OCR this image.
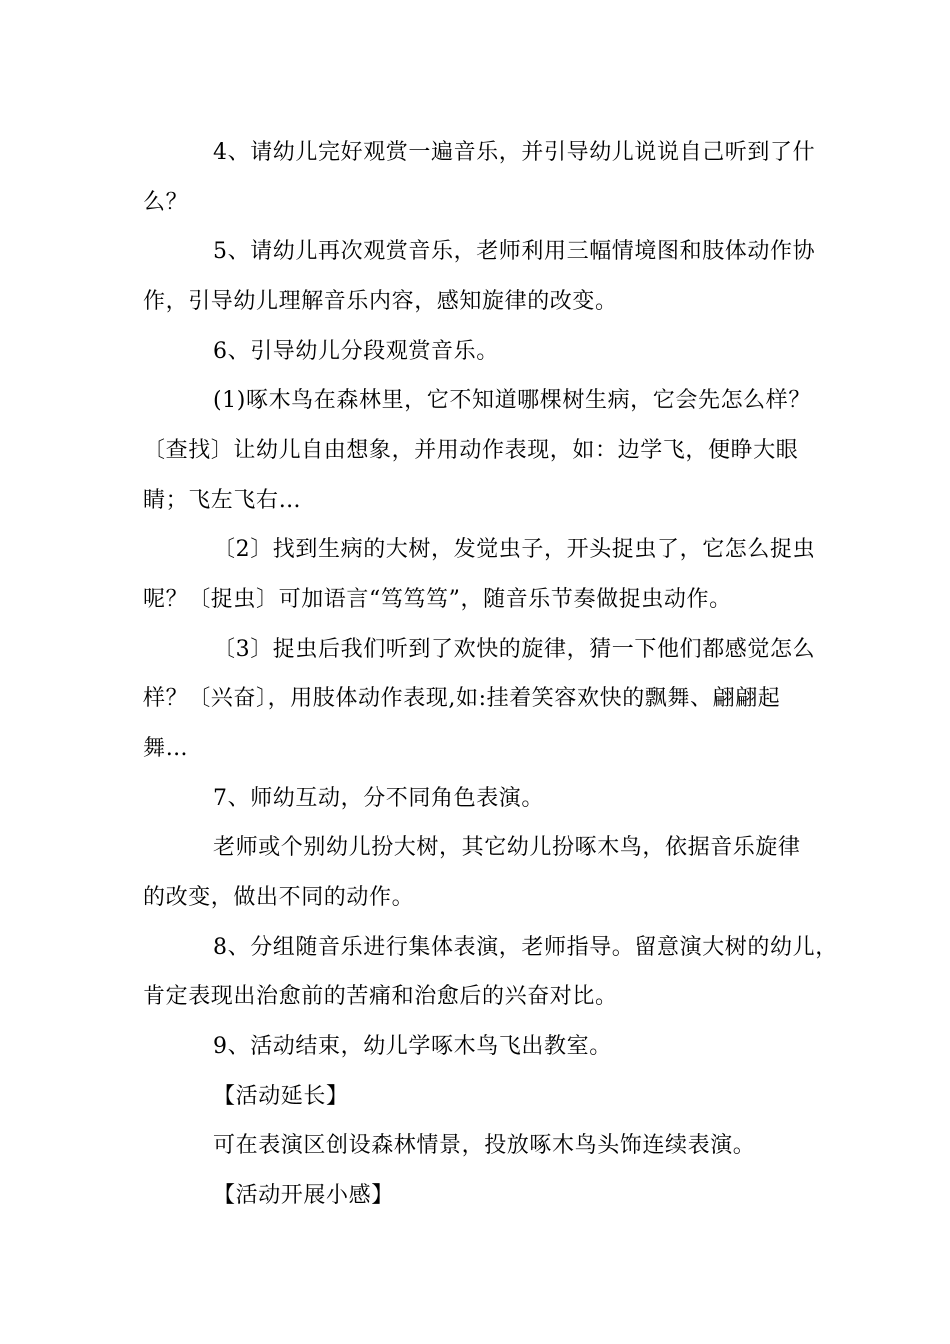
4、请幼儿完好观赏一遍音乐，并引导幼儿说说自己听到了什
么？
5、请幼儿再次观赏音乐，老师利用三幅情境图和肢体动作协
作，引导幼儿理解音乐内容，感知旋律的改变。
6、引导幼儿分段观赏音乐。
(1)啄木鸟在森林里，它不知道哪棵树生病，它会先怎么样？
〔查找〕让幼儿自由想象，并用动作表现，如：边学飞，便睁大眼
睛；飞左飞右…
〔2〕找到生病的大树，发觉虫子，开头捉虫了，它怎么捉虫
呢？〔捉虫〕可加语言“笃笃笃”，随音乐节奏做捉虫动作。
〔3〕捉虫后我们听到了欢快的旋律，猜一下他们都感觉怎么
样？〔兴奋〕，用肢体动作表现,如:挂着笑容欢快的飘舞、翩翩起
舞…
7、师幼互动，分不同角色表演。
老师或个别幼儿扮大树，其它幼儿扮啄木鸟，依据音乐旋律
的改变，做出不同的动作。
8、分组随音乐进行集体表演，老师指导。留意演大树的幼儿，
肯定表现出治愈前的苦痛和治愈后的兴奋对比。
9、活动结束，幼儿学啄木鸟飞出教室。
【活动延长】
可在表演区创设森林情景，投放啄木鸟头饰连续表演。
【活动开展小感】
